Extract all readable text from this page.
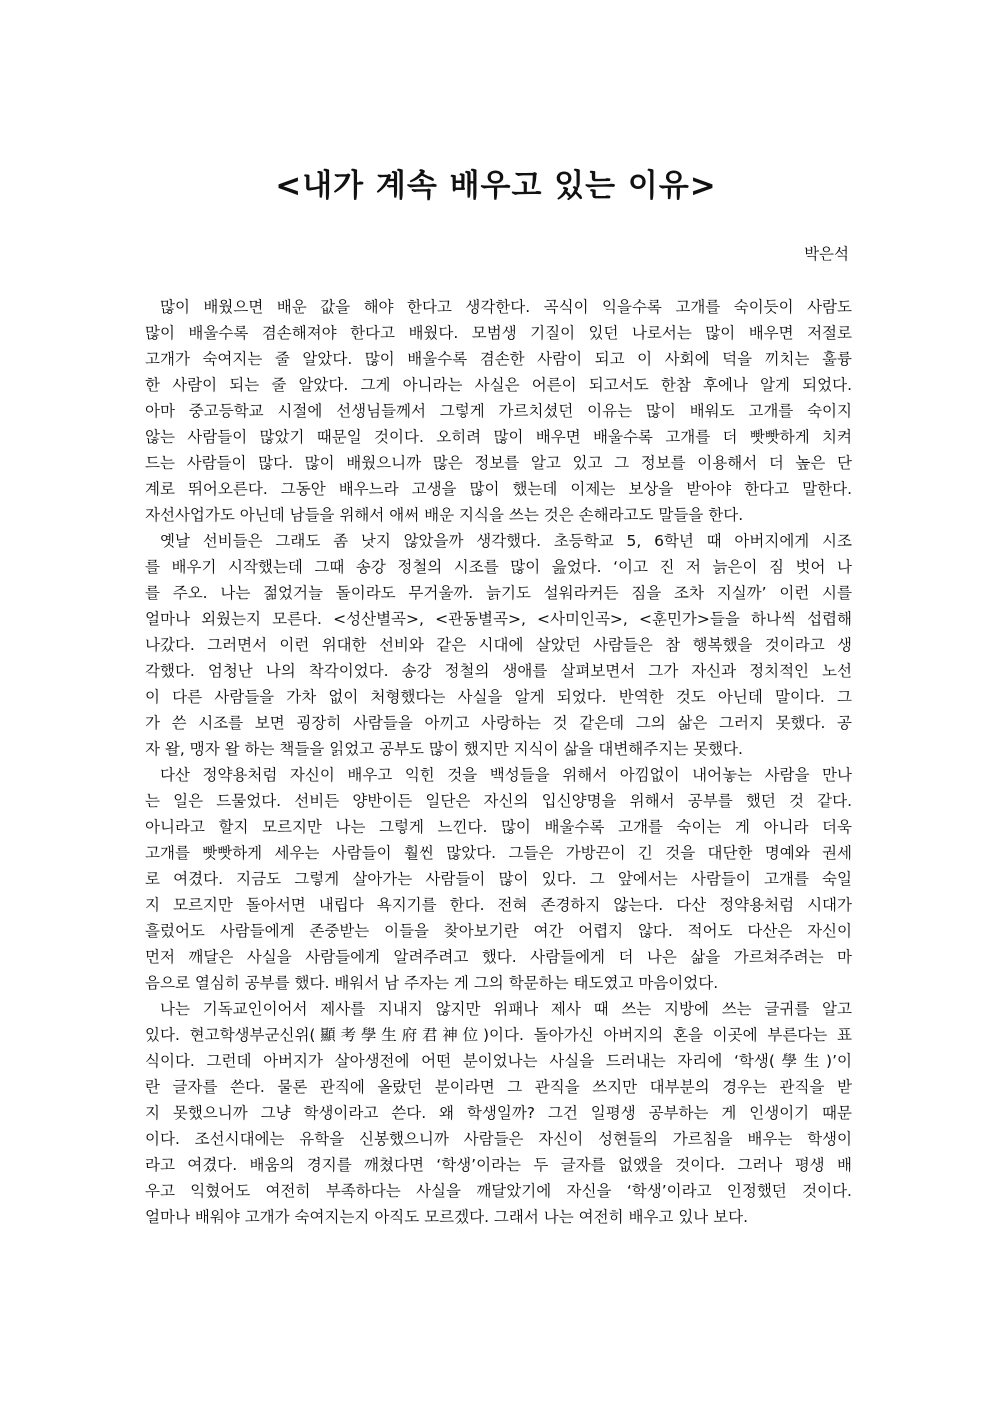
<내가 계속 배우고 있는 이유>
박은석
많이 배웠으면 배운 값을 해야 한다고 생각한다. 곡식이 익을수록 고개를 숙이듯이 사람도
많이 배울수록 겸손해져야 한다고 배웠다. 모범생 기질이 있던 나로서는 많이 배우면 저절로
고개가 숙여지는 줄 알았다. 많이 배울수록 겸손한 사람이 되고 이 사회에 덕을 끼치는 훌륭
한 사람이 되는 줄 알았다. 그게 아니라는 사실은 어른이 되고서도 한참 후에나 알게 되었다.
아마 중고등학교 시절에 선생님들께서 그렇게 가르치셨던 이유는 많이 배워도 고개를 숙이지
않는 사람들이 많았기 때문일 것이다. 오히려 많이 배우면 배울수록 고개를 더 빳빳하게 치켜
드는 사람들이 많다. 많이 배웠으니까 많은 정보를 알고 있고 그 정보를 이용해서 더 높은 단
계로 뛰어오른다. 그동안 배우느라 고생을 많이 했는데 이제는 보상을 받아야 한다고 말한다.
자선사업가도 아닌데 남들을 위해서 애써 배운 지식을 쓰는 것은 손해라고도 말들을 한다.
옛날 선비들은 그래도 좀 낫지 않았을까 생각했다. 초등학교 5, 6학년 때 아버지에게 시조
를 배우기 시작했는데 그때 송강 정철의 시조를 많이 읊었다. ‘이고 진 저 늙은이 짐 벗어 나
를 주오. 나는 젊었거늘 돌이라도 무거울까. 늙기도 설워라커든 짐을 조차 지실까’ 이런 시를
얼마나 외웠는지 모른다. <성산별곡>, <관동별곡>, <사미인곡>, <훈민가>들을 하나씩 섭렵해
나갔다. 그러면서 이런 위대한 선비와 같은 시대에 살았던 사람들은 참 행복했을 것이라고 생
각했다. 엄청난 나의 착각이었다. 송강 정철의 생애를 살펴보면서 그가 자신과 정치적인 노선
이 다른 사람들을 가차 없이 처형했다는 사실을 알게 되었다. 반역한 것도 아닌데 말이다. 그
가 쓴 시조를 보면 굉장히 사람들을 아끼고 사랑하는 것 같은데 그의 삶은 그러지 못했다. 공
자 왈, 맹자 왈 하는 책들을 읽었고 공부도 많이 했지만 지식이 삶을 대변해주지는 못했다.
다산 정약용처럼 자신이 배우고 익힌 것을 백성들을 위해서 아낌없이 내어놓는 사람을 만나
는 일은 드물었다. 선비든 양반이든 일단은 자신의 입신양명을 위해서 공부를 했던 것 같다.
아니라고 할지 모르지만 나는 그렇게 느낀다. 많이 배울수록 고개를 숙이는 게 아니라 더욱
고개를 빳빳하게 세우는 사람들이 훨씬 많았다. 그들은 가방끈이 긴 것을 대단한 명예와 권세
로 여겼다. 지금도 그렇게 살아가는 사람들이 많이 있다. 그 앞에서는 사람들이 고개를 숙일
지 모르지만 돌아서면 내립다 욕지기를 한다. 전혀 존경하지 않는다. 다산 정약용처럼 시대가
흘렀어도 사람들에게 존중받는 이들을 찾아보기란 여간 어렵지 않다. 적어도 다산은 자신이
먼저 깨달은 사실을 사람들에게 알려주려고 했다. 사람들에게 더 나은 삶을 가르쳐주려는 마
음으로 열심히 공부를 했다. 배워서 남 주자는 게 그의 학문하는 태도였고 마음이었다.
나는 기독교인이어서 제사를 지내지 않지만 위패나 제사 때 쓰는 지방에 쓰는 글귀를 알고
있다. 현고학생부군신위(顯考學生府君神位)이다. 돌아가신 아버지의 혼을 이곳에 부른다는 표
식이다. 그런데 아버지가 살아생전에 어떤 분이었나는 사실을 드러내는 자리에 ‘학생(學生)’이
란 글자를 쓴다. 물론 관직에 올랐던 분이라면 그 관직을 쓰지만 대부분의 경우는 관직을 받
지 못했으니까 그냥 학생이라고 쓴다. 왜 학생일까? 그건 일평생 공부하는 게 인생이기 때문
이다. 조선시대에는 유학을 신봉했으니까 사람들은 자신이 성현들의 가르침을 배우는 학생이
라고 여겼다. 배움의 경지를 깨쳤다면 ‘학생’이라는 두 글자를 없앴을 것이다. 그러나 평생 배
우고 익혔어도 여전히 부족하다는 사실을 깨달았기에 자신을 ‘학생’이라고 인정했던 것이다.
얼마나 배워야 고개가 숙여지는지 아직도 모르겠다. 그래서 나는 여전히 배우고 있나 보다.
